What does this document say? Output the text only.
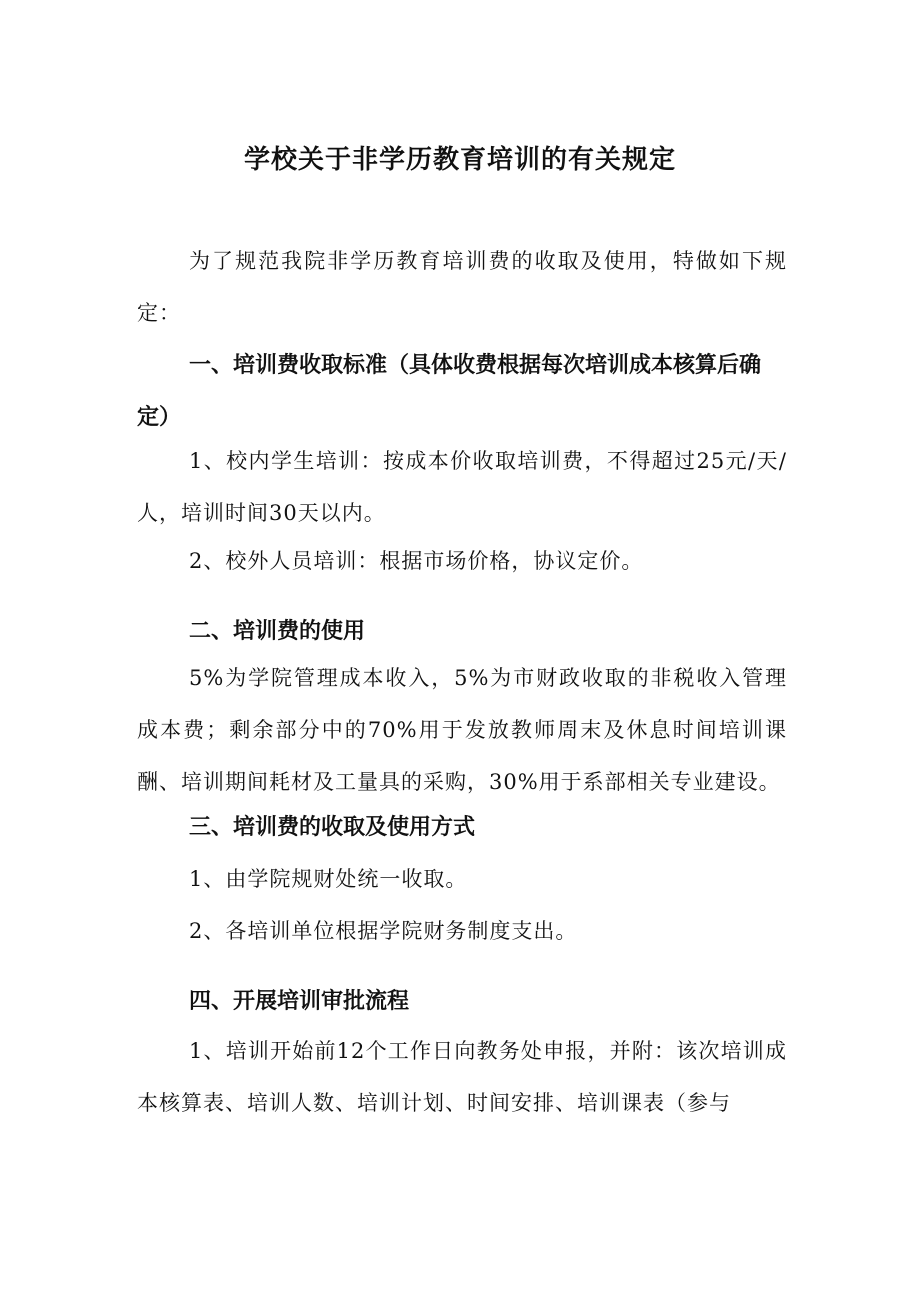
学校关于非学历教育培训的有关规定

为了规范我院非学历教育培训费的收取及使用，特做如下规定：

一、培训费收取标准（具体收费根据每次培训成本核算后确定）

1、校内学生培训：按成本价收取培训费，不得超过25元/天/人，培训时间30天以内。

2、校外人员培训：根据市场价格，协议定价。

二、培训费的使用

5%为学院管理成本收入，5%为市财政收取的非税收入管理成本费；剩余部分中的70%用于发放教师周末及休息时间培训课酬、培训期间耗材及工量具的采购，30%用于系部相关专业建设。

三、培训费的收取及使用方式

1、由学院规财处统一收取。

2、各培训单位根据学院财务制度支出。

四、开展培训审批流程

1、培训开始前12个工作日向教务处申报，并附：该次培训成本核算表、培训人数、培训计划、时间安排、培训课表（参与
